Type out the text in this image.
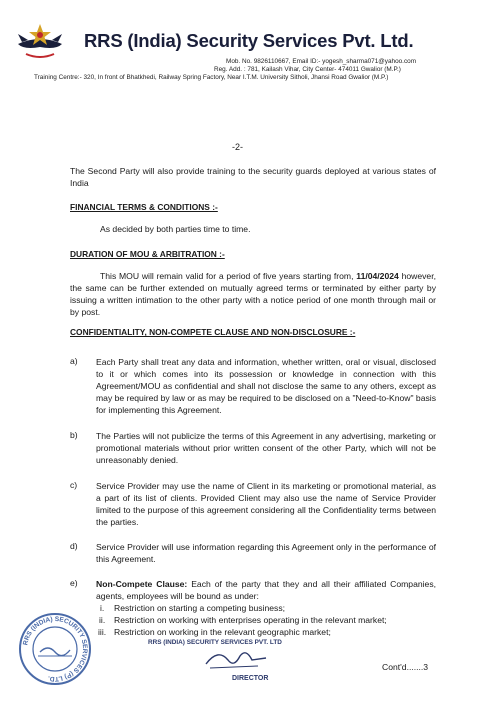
RRS (India) Security Services Pvt. Ltd.
Mob. No. 9826110667, Email ID:- yogesh_sharma071@yahoo.com
Reg. Add. : 781, Kailash Vihar, City Center- 474011 Gwalior (M.P.)
Training Centre:- 320, In front of Bhatkhedi, Railway Spring Factory, Near I.T.M. University Sitholi, Jhansi Road Gwalior (M.P.)
-2-
The Second Party will also provide training to the security guards deployed at various states of India
FINANCIAL TERMS & CONDITIONS :-
As decided by both parties time to time.
DURATION OF MOU & ARBITRATION :-
This MOU will remain valid for a period of five years starting from, 11/04/2024 however, the same can be further extended on mutually agreed terms or terminated by either party by issuing a written intimation to the other party with a notice period of one month through mail or by post.
CONFIDENTIALITY, NON-COMPETE CLAUSE AND NON-DISCLOSURE :-
a) Each Party shall treat any data and information, whether written, oral or visual, disclosed to it or which comes into its possession or knowledge in connection with this Agreement/MOU as confidential and shall not disclose the same to any others, except as may be required by law or as may be required to be disclosed on a "Need-to-Know" basis for implementing this Agreement.
b) The Parties will not publicize the terms of this Agreement in any advertising, marketing or promotional materials without prior written consent of the other Party, which will not be unreasonably denied.
c) Service Provider may use the name of Client in its marketing or promotional material, as a part of its list of clients. Provided Client may also use the name of Service Provider limited to the purpose of this agreement considering all the Confidentiality terms between the parties.
d) Service Provider will use information regarding this Agreement only in the performance of this Agreement.
e) Non-Compete Clause: Each of the party that they and all their affiliated Companies, agents, employees will be bound as under:
i. Restriction on starting a competing business;
ii. Restriction on working with enterprises operating in the relevant market;
iii. Restriction on working in the relevant geographic market;
RRS (INDIA) SECURITY SERVICES (P) LTD.
RRS (INDIA) SECURITY SERVICES PVT. LTD
DIRECTOR
Cont'd.......3
